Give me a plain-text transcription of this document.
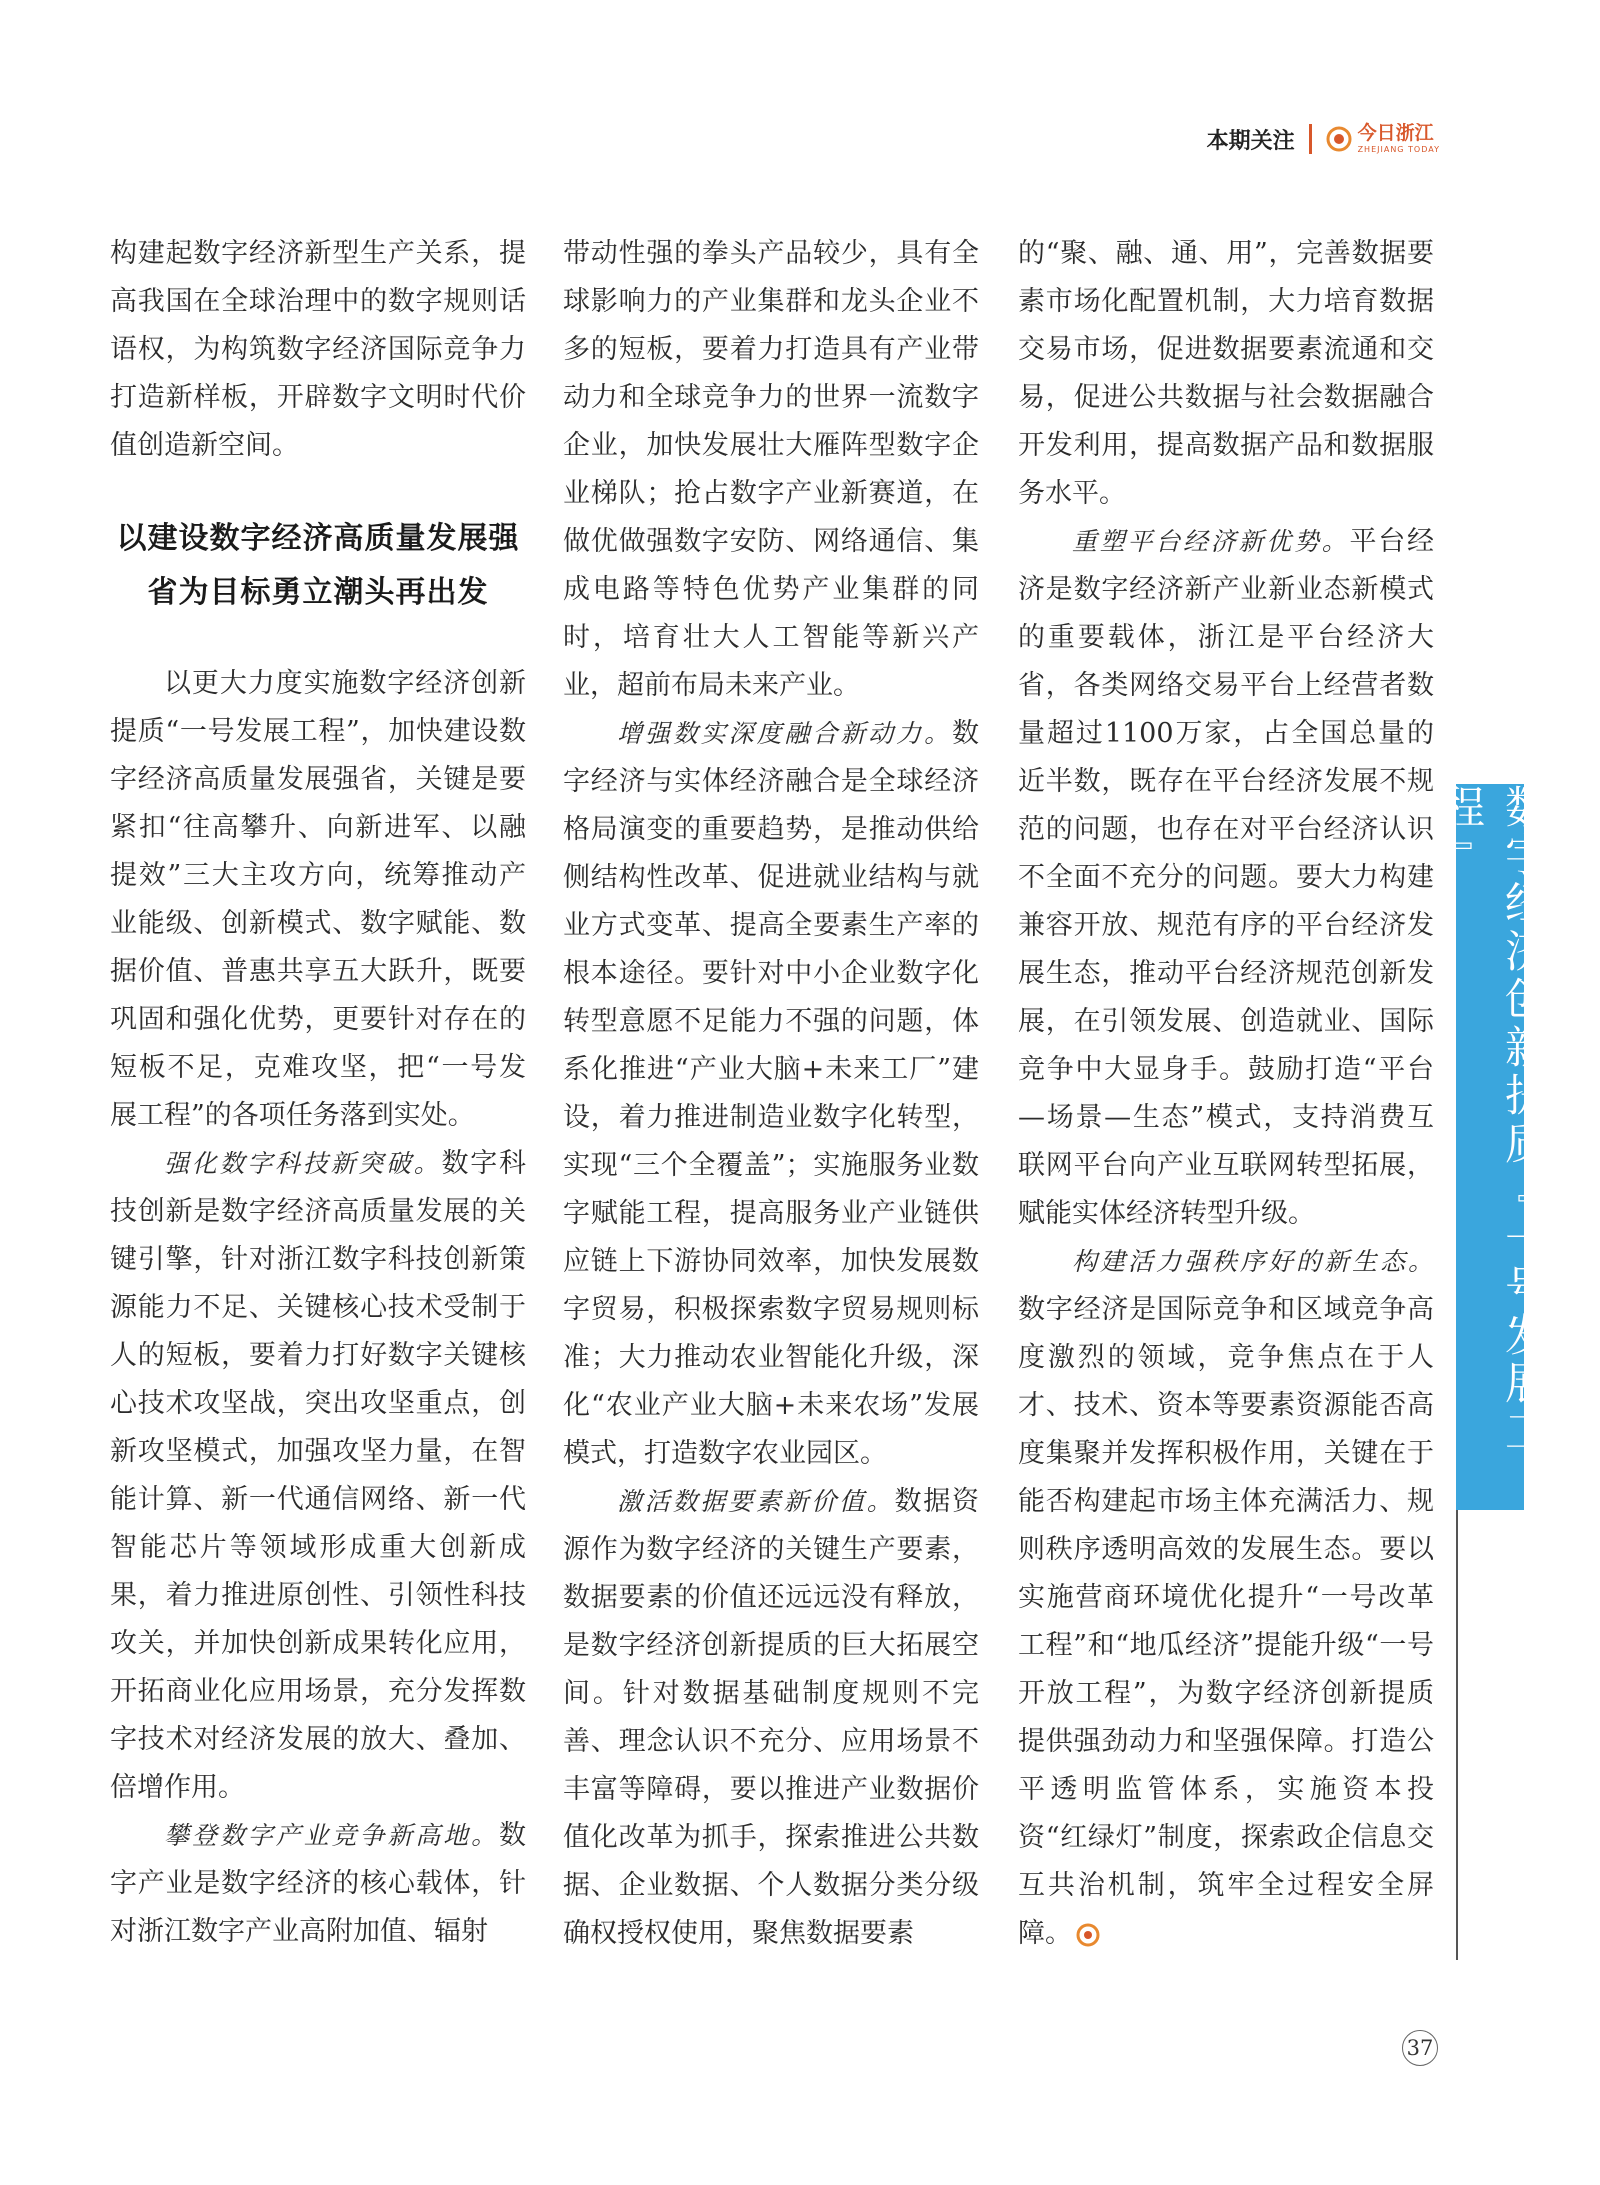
本期关注	今日浙江
ZHEJIANG TODAY

构建起数字经济新型生产关系，提高我国在全球治理中的数字规则话语权，为构筑数字经济国际竞争力打造新样板，开辟数字文明时代价值创造新空间。

以建设数字经济高质量发展强省为目标勇立潮头再出发

以更大力度实施数字经济创新提质“一号发展工程”，加快建设数字经济高质量发展强省，关键是要紧扣“往高攀升、向新进军、以融提效”三大主攻方向，统筹推动产业能级、创新模式、数字赋能、数据价值、普惠共享五大跃升，既要巩固和强化优势，更要针对存在的短板不足，克难攻坚，把“一号发展工程”的各项任务落到实处。

强化数字科技新突破。数字科技创新是数字经济高质量发展的关键引擎，针对浙江数字科技创新策源能力不足、关键核心技术受制于人的短板，要着力打好数字关键核心技术攻坚战，突出攻坚重点，创新攻坚模式，加强攻坚力量，在智能计算、新一代通信网络、新一代智能芯片等领域形成重大创新成果，着力推进原创性、引领性科技攻关，并加快创新成果转化应用，开拓商业化应用场景，充分发挥数字技术对经济发展的放大、叠加、倍增作用。

攀登数字产业竞争新高地。数字产业是数字经济的核心载体，针对浙江数字产业高附加值、辐射

带动性强的拳头产品较少，具有全球影响力的产业集群和龙头企业不多的短板，要着力打造具有产业带动力和全球竞争力的世界一流数字企业，加快发展壮大雁阵型数字企业梯队；抢占数字产业新赛道，在做优做强数字安防、网络通信、集成电路等特色优势产业集群的同时，培育壮大人工智能等新兴产业，超前布局未来产业。

增强数实深度融合新动力。数字经济与实体经济融合是全球经济格局演变的重要趋势，是推动供给侧结构性改革、促进就业结构与就业方式变革、提高全要素生产率的根本途径。要针对中小企业数字化转型意愿不足能力不强的问题，体系化推进“产业大脑+未来工厂”建设，着力推进制造业数字化转型，实现“三个全覆盖”；实施服务业数字赋能工程，提高服务业产业链供应链上下游协同效率，加快发展数字贸易，积极探索数字贸易规则标准；大力推动农业智能化升级，深化“农业产业大脑+未来农场”发展模式，打造数字农业园区。

激活数据要素新价值。数据资源作为数字经济的关键生产要素，数据要素的价值还远远没有释放，是数字经济创新提质的巨大拓展空间。针对数据基础制度规则不完善、理念认识不充分、应用场景不丰富等障碍，要以推进产业数据价值化改革为抓手，探索推进公共数据、企业数据、个人数据分类分级确权授权使用，聚焦数据要素

的“聚、融、通、用”，完善数据要素市场化配置机制，大力培育数据交易市场，促进数据要素流通和交易，促进公共数据与社会数据融合开发利用，提高数据产品和数据服务水平。

重塑平台经济新优势。平台经济是数字经济新产业新业态新模式的重要载体，浙江是平台经济大省，各类网络交易平台上经营者数量超过1100万家，占全国总量的近半数，既存在平台经济发展不规范的问题，也存在对平台经济认识不全面不充分的问题。要大力构建兼容开放、规范有序的平台经济发展生态，推动平台经济规范创新发展，在引领发展、创造就业、国际竞争中大显身手。鼓励打造“平台—场景—生态”模式，支持消费互联网平台向产业互联网转型拓展，赋能实体经济转型升级。

构建活力强秩序好的新生态。数字经济是国际竞争和区域竞争高度激烈的领域，竞争焦点在于人才、技术、资本等要素资源能否高度集聚并发挥积极作用，关键在于能否构建起市场主体充满活力、规则秩序透明高效的发展生态。要以实施营商环境优化提升“一号改革工程”和“地瓜经济”提能升级“一号开放工程”，为数字经济创新提质提供强劲动力和坚强保障。打造公平透明监管体系，实施资本投资“红绿灯”制度，探索政企信息交互共治机制，筑牢全过程安全屏障。

数字经济创新提质『一号发展工程』
37
